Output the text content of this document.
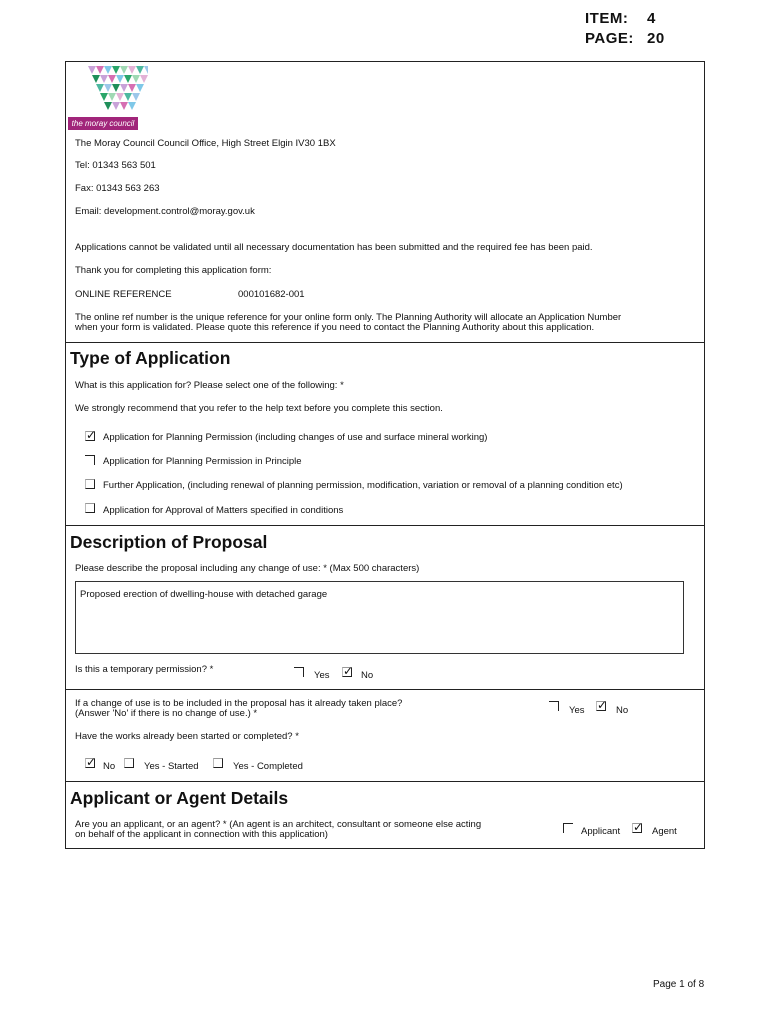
ITEM:	4
PAGE: 20
the moray council
The Moray Council Council Office, High Street Elgin IV30 1BX
Tel: 01343 563 501
Fax: 01343 563 263
Email: development.control@moray.gov.uk
Applications cannot be validated until all necessary documentation has been submitted and the required fee has been paid.
Thank you for completing this application form:
ONLINE REFERENCE	000101682-001
The online ref number is the unique reference for your online form only. The Planning Authority will allocate an Application Number
when your form is validated. Please quote this reference if you need to contact the Planning Authority about this application.
Type of Application
What is this application for? Please select one of the following: *
We strongly recommend that you refer to the help text before you complete this section.
✓
Application for Planning Permission (including changes of use and surface mineral working)
Application for Planning Permission in Principle
Further Application, (including renewal of planning permission, modification, variation or removal of a planning condition etc)
Application for Approval of Matters specified in conditions
Description of Proposal
Please describe the proposal including any change of use: * (Max 500 characters)
Proposed erection of dwelling-house with detached garage
Is this a temporary permission? *
Yes ✓	No
If a change of use is to be included in the proposal has it already taken place?
(Answer 'No' if there is no change of use.) *	Yes ✓	No
Have the works already been started or completed? *
✓
No	Yes - Started	Yes - Completed
Applicant or Agent Details
Are you an applicant, or an agent? * (An agent is an architect, consultant or someone else acting
on behalf of the applicant in connection with this application)	Applicant ✓	Agent
Page 1 of 8
